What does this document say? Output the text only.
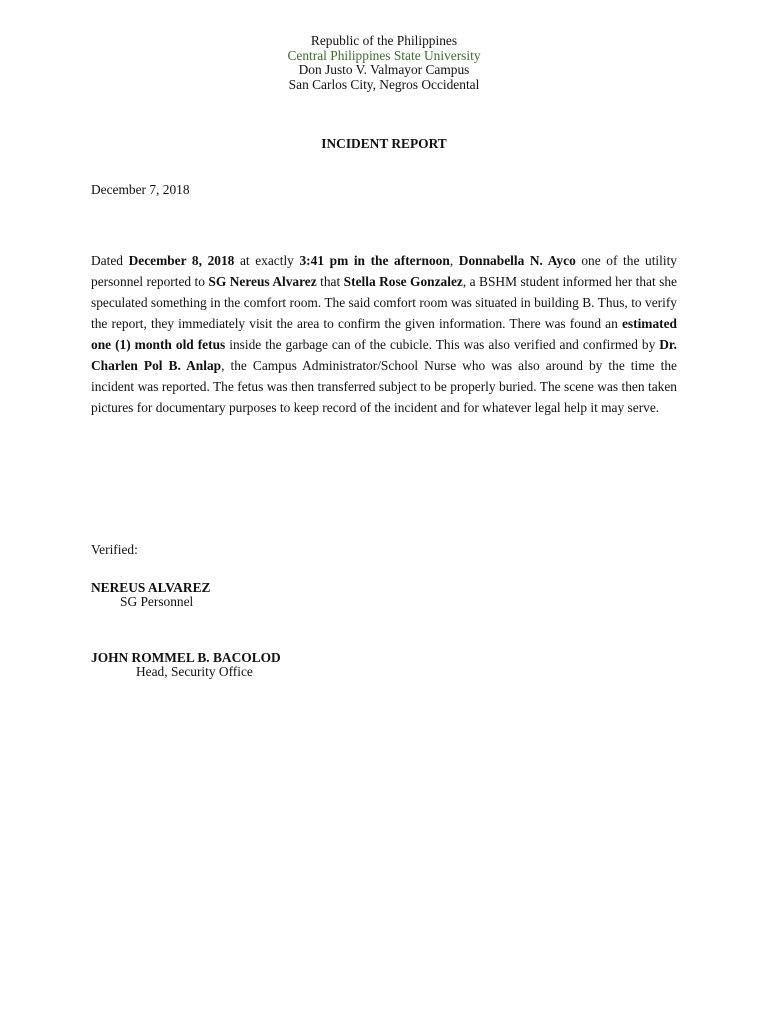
Republic of the Philippines
Central Philippines State University
Don Justo V. Valmayor Campus
San Carlos City, Negros Occidental
INCIDENT REPORT
December 7, 2018
Dated December 8, 2018 at exactly 3:41 pm in the afternoon, Donnabella N. Ayco one of the utility personnel reported to SG Nereus Alvarez that Stella Rose Gonzalez, a BSHM student informed her that she speculated something in the comfort room. The said comfort room was situated in building B. Thus, to verify the report, they immediately visit the area to confirm the given information. There was found an estimated one (1) month old fetus inside the garbage can of the cubicle. This was also verified and confirmed by Dr. Charlen Pol B. Anlap, the Campus Administrator/School Nurse who was also around by the time the incident was reported. The fetus was then transferred subject to be properly buried. The scene was then taken pictures for documentary purposes to keep record of the incident and for whatever legal help it may serve.
Verified:
NEREUS ALVAREZ
SG Personnel
JOHN ROMMEL B. BACOLOD
Head, Security Office
